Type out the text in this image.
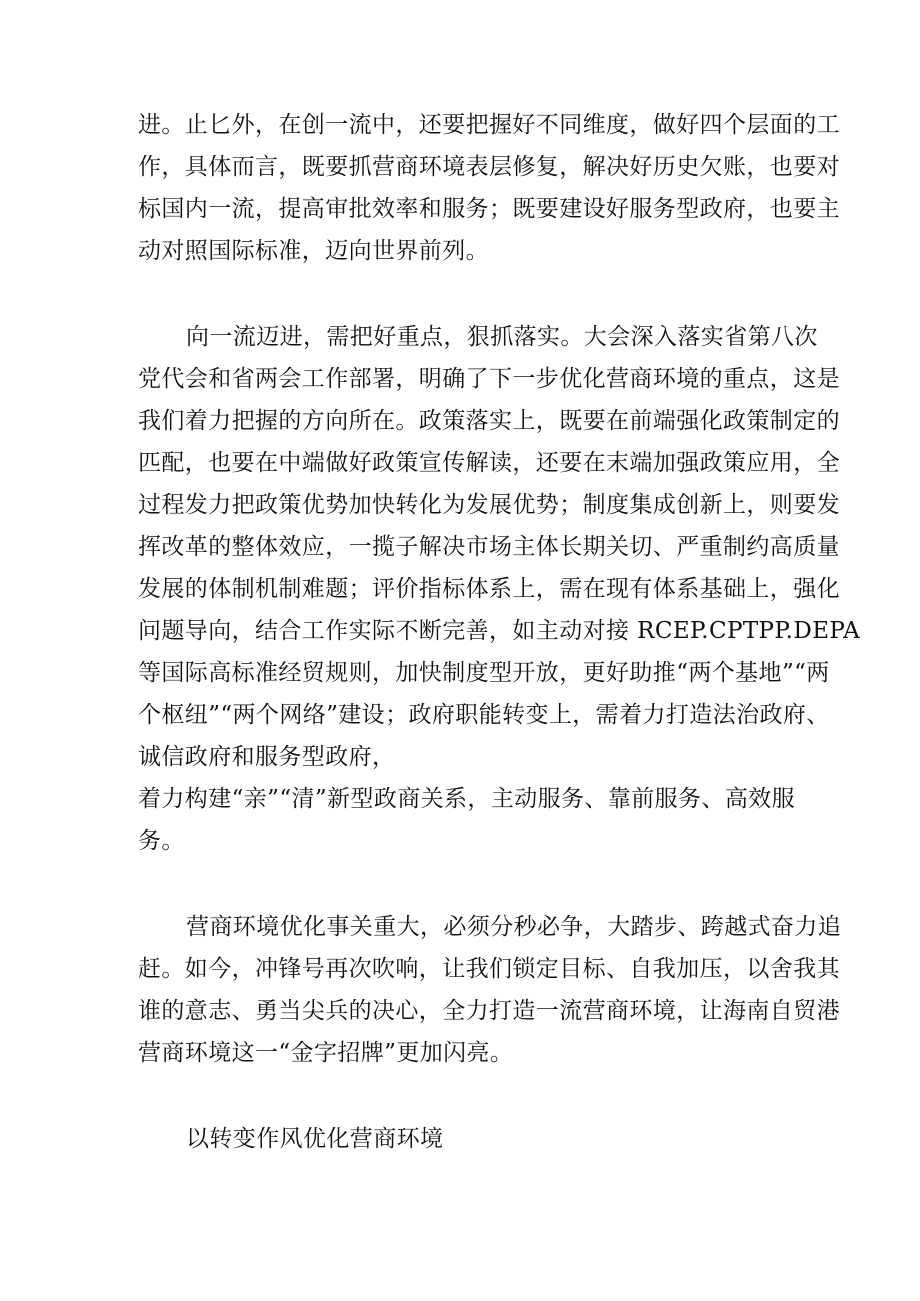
进。止匕外，在创一流中，还要把握好不同维度，做好四个层面的工
作，具体而言，既要抓营商环境表层修复，解决好历史欠账，也要对
标国内一流，提高审批效率和服务；既要建设好服务型政府，也要主
动对照国际标准，迈向世界前列。
向一流迈进，需把好重点，狠抓落实。大会深入落实省第八次
党代会和省两会工作部署，明确了下一步优化营商环境的重点，这是
我们着力把握的方向所在。政策落实上，既要在前端强化政策制定的
匹配，也要在中端做好政策宣传解读，还要在末端加强政策应用，全
过程发力把政策优势加快转化为发展优势；制度集成创新上，则要发
挥改革的整体效应，一揽子解决市场主体长期关切、严重制约高质量
发展的体制机制难题；评价指标体系上，需在现有体系基础上，强化
问题导向，结合工作实际不断完善，如主动对接 RCEP.CPTPP.DEPA
等国际高标准经贸规则，加快制度型开放，更好助推“两个基地”“两
个枢纽”“两个网络”建设；政府职能转变上，需着力打造法治政府、
诚信政府和服务型政府，
着力构建“亲”“清”新型政商关系，主动服务、靠前服务、高效服
务。
营商环境优化事关重大，必须分秒必争，大踏步、跨越式奋力追
赶。如今，冲锋号再次吹响，让我们锁定目标、自我加压，以舍我其
谁的意志、勇当尖兵的决心，全力打造一流营商环境，让海南自贸港
营商环境这一“金字招牌”更加闪亮。
以转变作风优化营商环境
